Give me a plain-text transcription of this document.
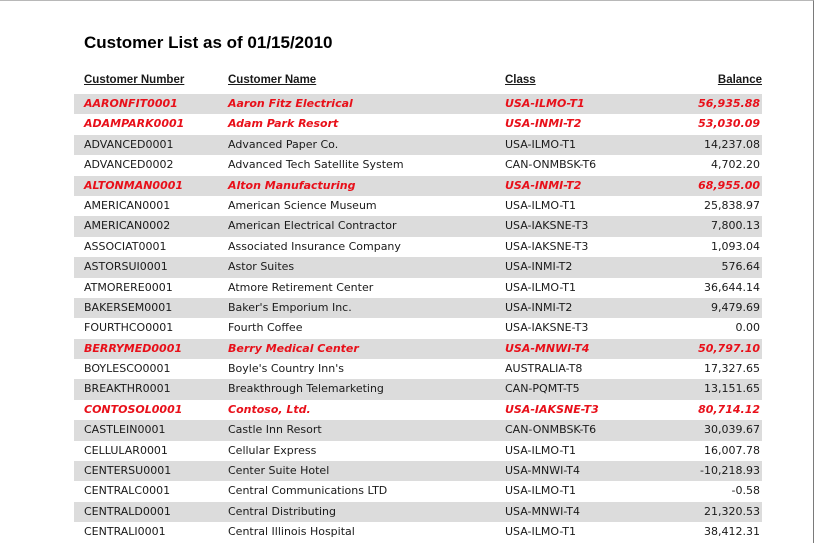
Customer List as of 01/15/2010
Customer Number	Customer Name	Class	Balance
AARONFIT0001	Aaron Fitz Electrical	USA-ILMO-T1	56,935.88
ADAMPARK0001	Adam Park Resort	USA-INMI-T2	53,030.09
ADVANCED0001	Advanced Paper Co.	USA-ILMO-T1	14,237.08
ADVANCED0002	Advanced Tech Satellite System	CAN-ONMBSK-T6	4,702.20
ALTONMAN0001	Alton Manufacturing	USA-INMI-T2	68,955.00
AMERICAN0001	American Science Museum	USA-ILMO-T1	25,838.97
AMERICAN0002	American Electrical Contractor	USA-IAKSNE-T3	7,800.13
ASSOCIAT0001	Associated Insurance Company	USA-IAKSNE-T3	1,093.04
ASTORSUI0001	Astor Suites	USA-INMI-T2	576.64
ATMORERE0001	Atmore Retirement Center	USA-ILMO-T1	36,644.14
BAKERSEM0001	Baker's Emporium Inc.	USA-INMI-T2	9,479.69
FOURTHCO0001	Fourth Coffee	USA-IAKSNE-T3	0.00
BERRYMED0001	Berry Medical Center	USA-MNWI-T4	50,797.10
BOYLESCO0001	Boyle's Country Inn's	AUSTRALIA-T8	17,327.65
BREAKTHR0001	Breakthrough Telemarketing	CAN-PQMT-T5	13,151.65
CONTOSOL0001	Contoso, Ltd.	USA-IAKSNE-T3	80,714.12
CASTLEIN0001	Castle Inn Resort	CAN-ONMBSK-T6	30,039.67
CELLULAR0001	Cellular Express	USA-ILMO-T1	16,007.78
CENTERSU0001	Center Suite Hotel	USA-MNWI-T4	-10,218.93
CENTRALC0001	Central Communications LTD	USA-ILMO-T1	-0.58
CENTRALD0001	Central Distributing	USA-MNWI-T4	21,320.53
CENTRALI0001	Central Illinois Hospital	USA-ILMO-T1	38,412.31
